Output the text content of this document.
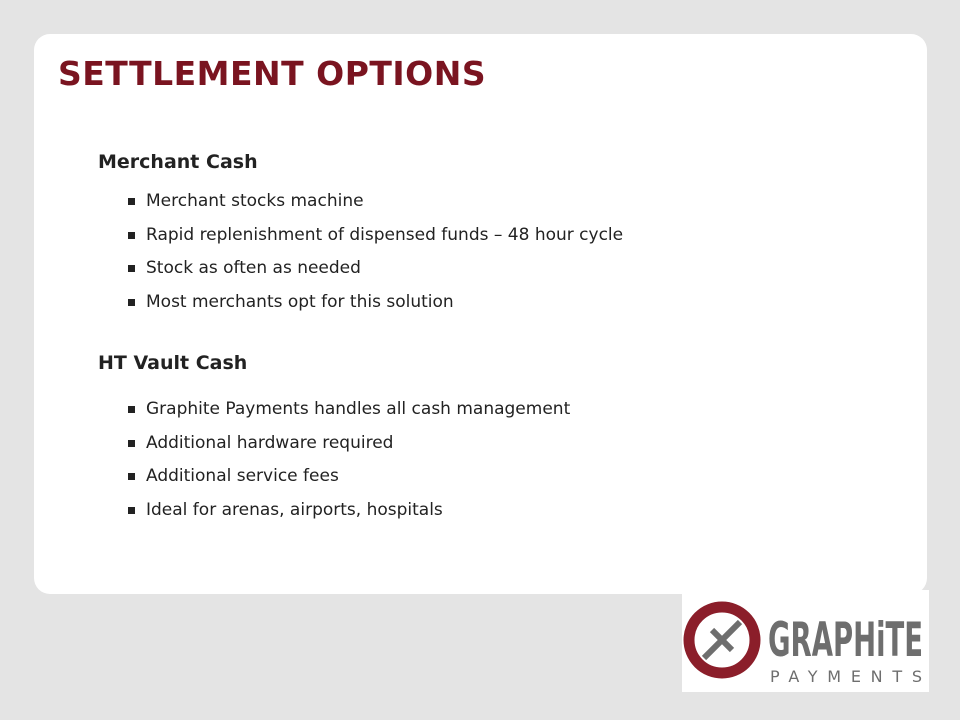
SETTLEMENT OPTIONS
Merchant Cash
Merchant stocks machine
Rapid replenishment of dispensed funds – 48 hour cycle
Stock as often as needed
Most merchants opt for this solution
HT Vault Cash
Graphite Payments handles all cash management
Additional hardware required
Additional service fees
Ideal for arenas, airports, hospitals
GRAPHiTE
PAYMENTS
